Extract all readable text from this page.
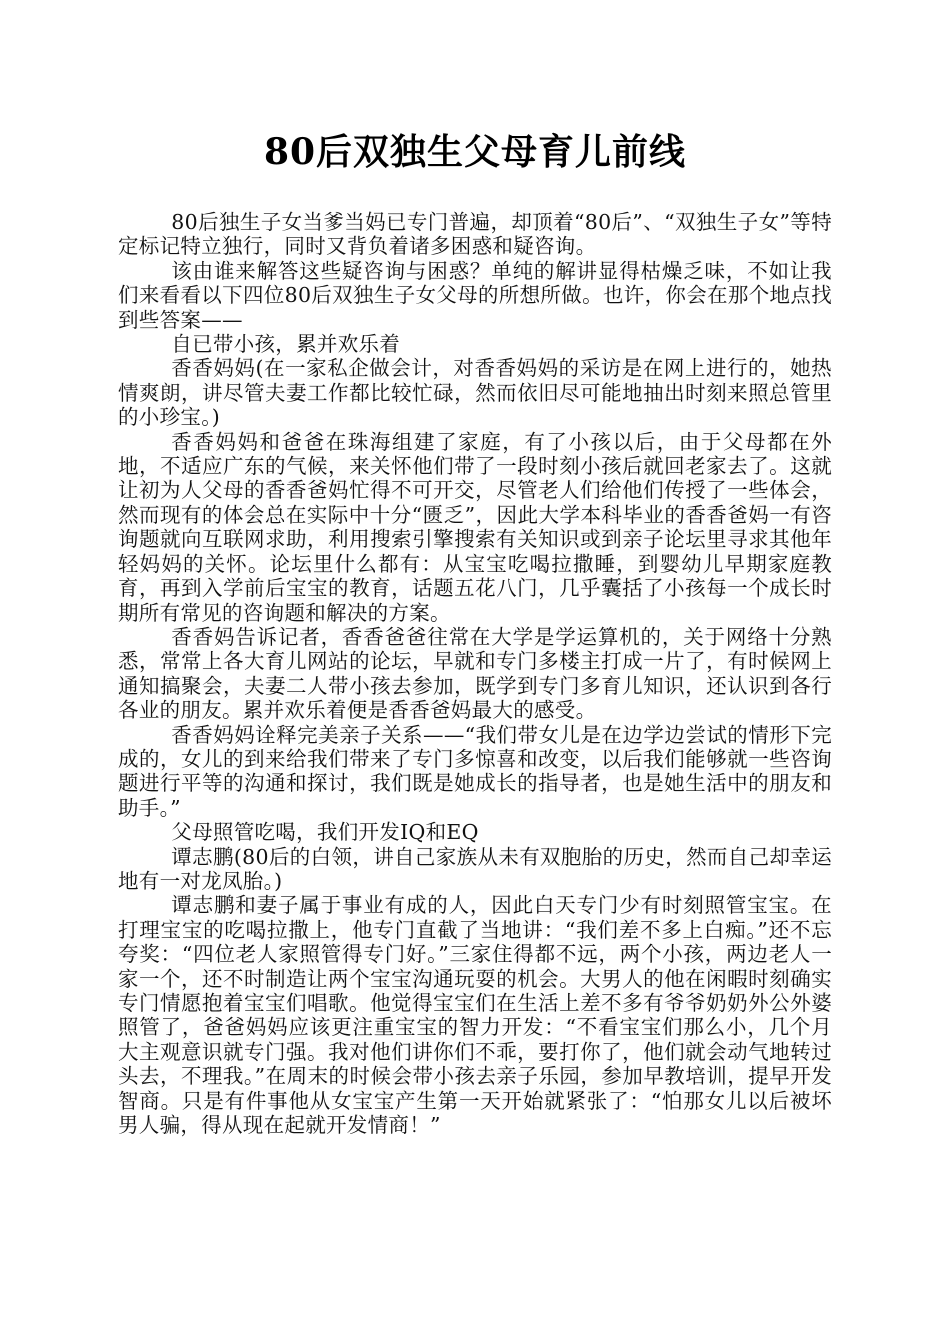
80后双独生父母育儿前线

80后独生子女当爹当妈已专门普遍，却顶着“80后”、“双独生子女”等特定标记特立独行，同时又背负着诸多困惑和疑咨询。

该由谁来解答这些疑咨询与困惑？单纯的解讲显得枯燥乏味，不如让我们来看看以下四位80后双独生子女父母的所想所做。也许，你会在那个地点找到些答案——

自已带小孩，累并欢乐着

香香妈妈(在一家私企做会计，对香香妈妈的采访是在网上进行的，她热情爽朗，讲尽管夫妻工作都比较忙碌，然而依旧尽可能地抽出时刻来照总管里的小珍宝。)

香香妈妈和爸爸在珠海组建了家庭，有了小孩以后，由于父母都在外地，不适应广东的气候，来关怀他们带了一段时刻小孩后就回老家去了。这就让初为人父母的香香爸妈忙得不可开交，尽管老人们给他们传授了一些体会，然而现有的体会总在实际中十分“匮乏”，因此大学本科毕业的香香爸妈一有咨询题就向互联网求助，利用搜索引擎搜索有关知识或到亲子论坛里寻求其他年轻妈妈的关怀。论坛里什么都有：从宝宝吃喝拉撒睡，到婴幼儿早期家庭教育，再到入学前后宝宝的教育，话题五花八门，几乎囊括了小孩每一个成长时期所有常见的咨询题和解决的方案。

香香妈告诉记者，香香爸爸往常在大学是学运算机的，关于网络十分熟悉，常常上各大育儿网站的论坛，早就和专门多楼主打成一片了，有时候网上通知搞聚会，夫妻二人带小孩去参加，既学到专门多育儿知识，还认识到各行各业的朋友。累并欢乐着便是香香爸妈最大的感受。

香香妈妈诠释完美亲子关系——“我们带女儿是在边学边尝试的情形下完成的，女儿的到来给我们带来了专门多惊喜和改变，以后我们能够就一些咨询题进行平等的沟通和探讨，我们既是她成长的指导者，也是她生活中的朋友和助手。”

父母照管吃喝，我们开发IQ和EQ

谭志鹏(80后的白领，讲自己家族从未有双胞胎的历史，然而自己却幸运地有一对龙凤胎。)

谭志鹏和妻子属于事业有成的人，因此白天专门少有时刻照管宝宝。在打理宝宝的吃喝拉撒上，他专门直截了当地讲：“我们差不多上白痴。”还不忘夸奖：“四位老人家照管得专门好。”三家住得都不远，两个小孩，两边老人一家一个，还不时制造让两个宝宝沟通玩耍的机会。大男人的他在闲暇时刻确实专门情愿抱着宝宝们唱歌。他觉得宝宝们在生活上差不多有爷爷奶奶外公外婆照管了，爸爸妈妈应该更注重宝宝的智力开发：“不看宝宝们那么小，几个月大主观意识就专门强。我对他们讲你们不乖，要打你了，他们就会动气地转过头去，不理我。”在周末的时候会带小孩去亲子乐园，参加早教培训，提早开发智商。只是有件事他从女宝宝产生第一天开始就紧张了：“怕那女儿以后被坏男人骗，得从现在起就开发情商！”
